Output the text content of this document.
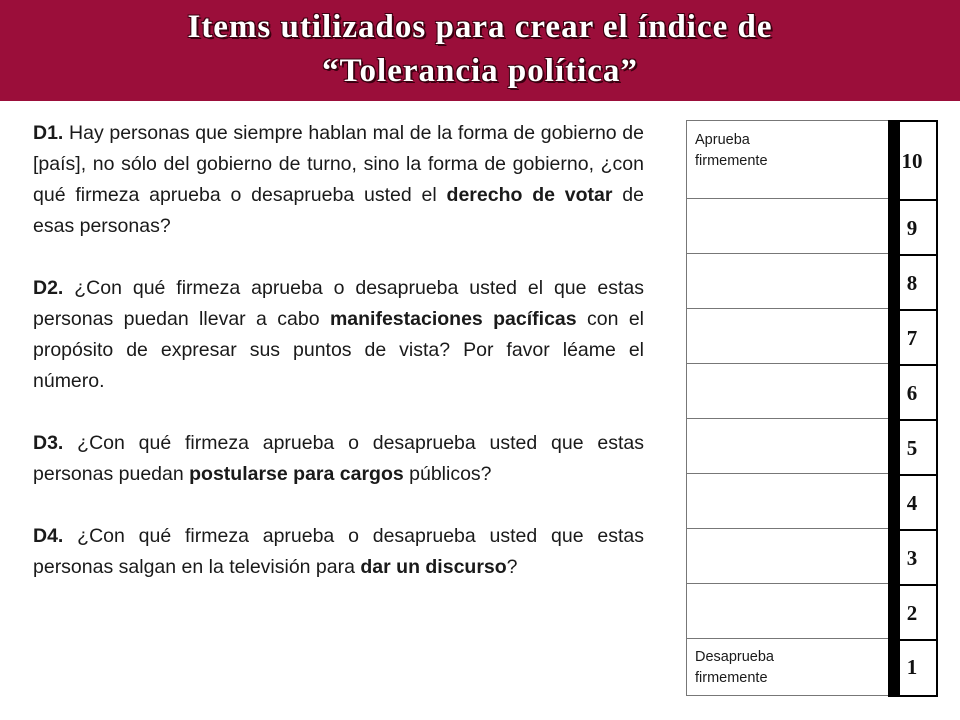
Items utilizados para crear el índice de
“Tolerancia política”

D1. Hay personas que siempre hablan mal de la forma de gobierno de [país], no sólo del gobierno de turno, sino la forma de gobierno, ¿con qué firmeza aprueba o desaprueba usted el derecho de votar de esas personas?

D2. ¿Con qué firmeza aprueba o desaprueba usted el que estas personas puedan llevar a cabo manifestaciones pacíficas con el propósito de expresar sus puntos de vista? Por favor léame el número.

D3. ¿Con qué firmeza aprueba o desaprueba usted que estas personas puedan postularse para cargos públicos?

D4. ¿Con qué firmeza aprueba o desaprueba usted que estas personas salgan en la televisión para dar un discurso?

Aprueba firmemente
Desaprueba firmemente
10
9
8
7
6
5
4
3
2
1
